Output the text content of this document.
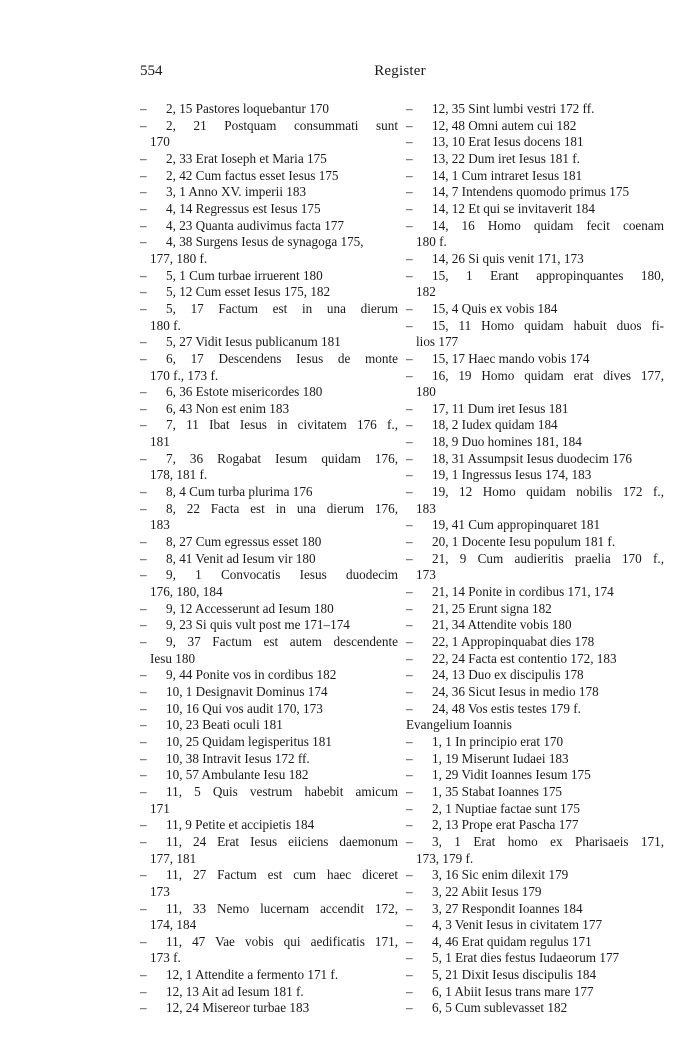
554	Register
–	2, 15 Pastores loquebantur 170
–	2, 21 Postquam consummati sunt
170
–	2, 33 Erat Ioseph et Maria 175
–	2, 42 Cum factus esset Iesus 175
–	3, 1 Anno XV. imperii 183
–	4, 14 Regressus est Iesus 175
–	4, 23 Quanta audivimus facta 177
–	4, 38 Surgens Iesus de synagoga 175,
177, 180 f.
–	5, 1 Cum turbae irruerent 180
–	5, 12 Cum esset Iesus 175, 182
–	5, 17 Factum est in una dierum
180 f.
–	5, 27 Vidit Iesus publicanum 181
–	6, 17 Descendens Iesus de monte
170 f., 173 f.
–	6, 36 Estote misericordes 180
–	6, 43 Non est enim 183
–	7, 11 Ibat Iesus in civitatem 176 f.,
181
–	7, 36 Rogabat Iesum quidam 176,
178, 181 f.
–	8, 4 Cum turba plurima 176
–	8, 22 Facta est in una dierum 176,
183
–	8, 27 Cum egressus esset 180
–	8, 41 Venit ad Iesum vir 180
–	9, 1 Convocatis Iesus duodecim
176, 180, 184
–	9, 12 Accesserunt ad Iesum 180
–	9, 23 Si quis vult post me 171–174
–	9, 37 Factum est autem descendente
Iesu 180
–	9, 44 Ponite vos in cordibus 182
–	10, 1 Designavit Dominus 174
–	10, 16 Qui vos audit 170, 173
–	10, 23 Beati oculi 181
–	10, 25 Quidam legisperitus 181
–	10, 38 Intravit Iesus 172 ff.
–	10, 57 Ambulante Iesu 182
–	11, 5 Quis vestrum habebit amicum
171
–	11, 9 Petite et accipietis 184
–	11, 24 Erat Iesus eiiciens daemonum
177, 181
–	11, 27 Factum est cum haec diceret
173
–	11, 33 Nemo lucernam accendit 172,
174, 184
–	11, 47 Vae vobis qui aedificatis 171,
173 f.
–	12, 1 Attendite a fermento 171 f.
–	12, 13 Ait ad Iesum 181 f.
–	12, 24 Misereor turbae 183
–	12, 35 Sint lumbi vestri 172 ff.
–	12, 48 Omni autem cui 182
–	13, 10 Erat Iesus docens 181
–	13, 22 Dum iret Iesus 181 f.
–	14, 1 Cum intraret Iesus 181
–	14, 7 Intendens quomodo primus 175
–	14, 12 Et qui se invitaverit 184
–	14, 16 Homo quidam fecit coenam
180 f.
–	14, 26 Si quis venit 171, 173
–	15, 1 Erant appropinquantes 180,
182
–	15, 4 Quis ex vobis 184
–	15, 11 Homo quidam habuit duos fi-
lios 177
–	15, 17 Haec mando vobis 174
–	16, 19 Homo quidam erat dives 177,
180
–	17, 11 Dum iret Iesus 181
–	18, 2 Iudex quidam 184
–	18, 9 Duo homines 181, 184
–	18, 31 Assumpsit Iesus duodecim 176
–	19, 1 Ingressus Iesus 174, 183
–	19, 12 Homo quidam nobilis 172 f.,
183
–	19, 41 Cum appropinquaret 181
–	20, 1 Docente Iesu populum 181 f.
–	21, 9 Cum audieritis praelia 170 f.,
173
–	21, 14 Ponite in cordibus 171, 174
–	21, 25 Erunt signa 182
–	21, 34 Attendite vobis 180
–	22, 1 Appropinquabat dies 178
–	22, 24 Facta est contentio 172, 183
–	24, 13 Duo ex discipulis 178
–	24, 36 Sicut Iesus in medio 178
–	24, 48 Vos estis testes 179 f.
Evangelium Ioannis
–	1, 1 In principio erat 170
–	1, 19 Miserunt Iudaei 183
–	1, 29 Vidit Ioannes Iesum 175
–	1, 35 Stabat Ioannes 175
–	2, 1 Nuptiae factae sunt 175
–	2, 13 Prope erat Pascha 177
–	3, 1 Erat homo ex Pharisaeis 171,
173, 179 f.
–	3, 16 Sic enim dilexit 179
–	3, 22 Abiit Iesus 179
–	3, 27 Respondit Ioannes 184
–	4, 3 Venit Iesus in civitatem 177
–	4, 46 Erat quidam regulus 171
–	5, 1 Erat dies festus Iudaeorum 177
–	5, 21 Dixit Iesus discipulis 184
–	6, 1 Abiit Iesus trans mare 177
–	6, 5 Cum sublevasset 182
